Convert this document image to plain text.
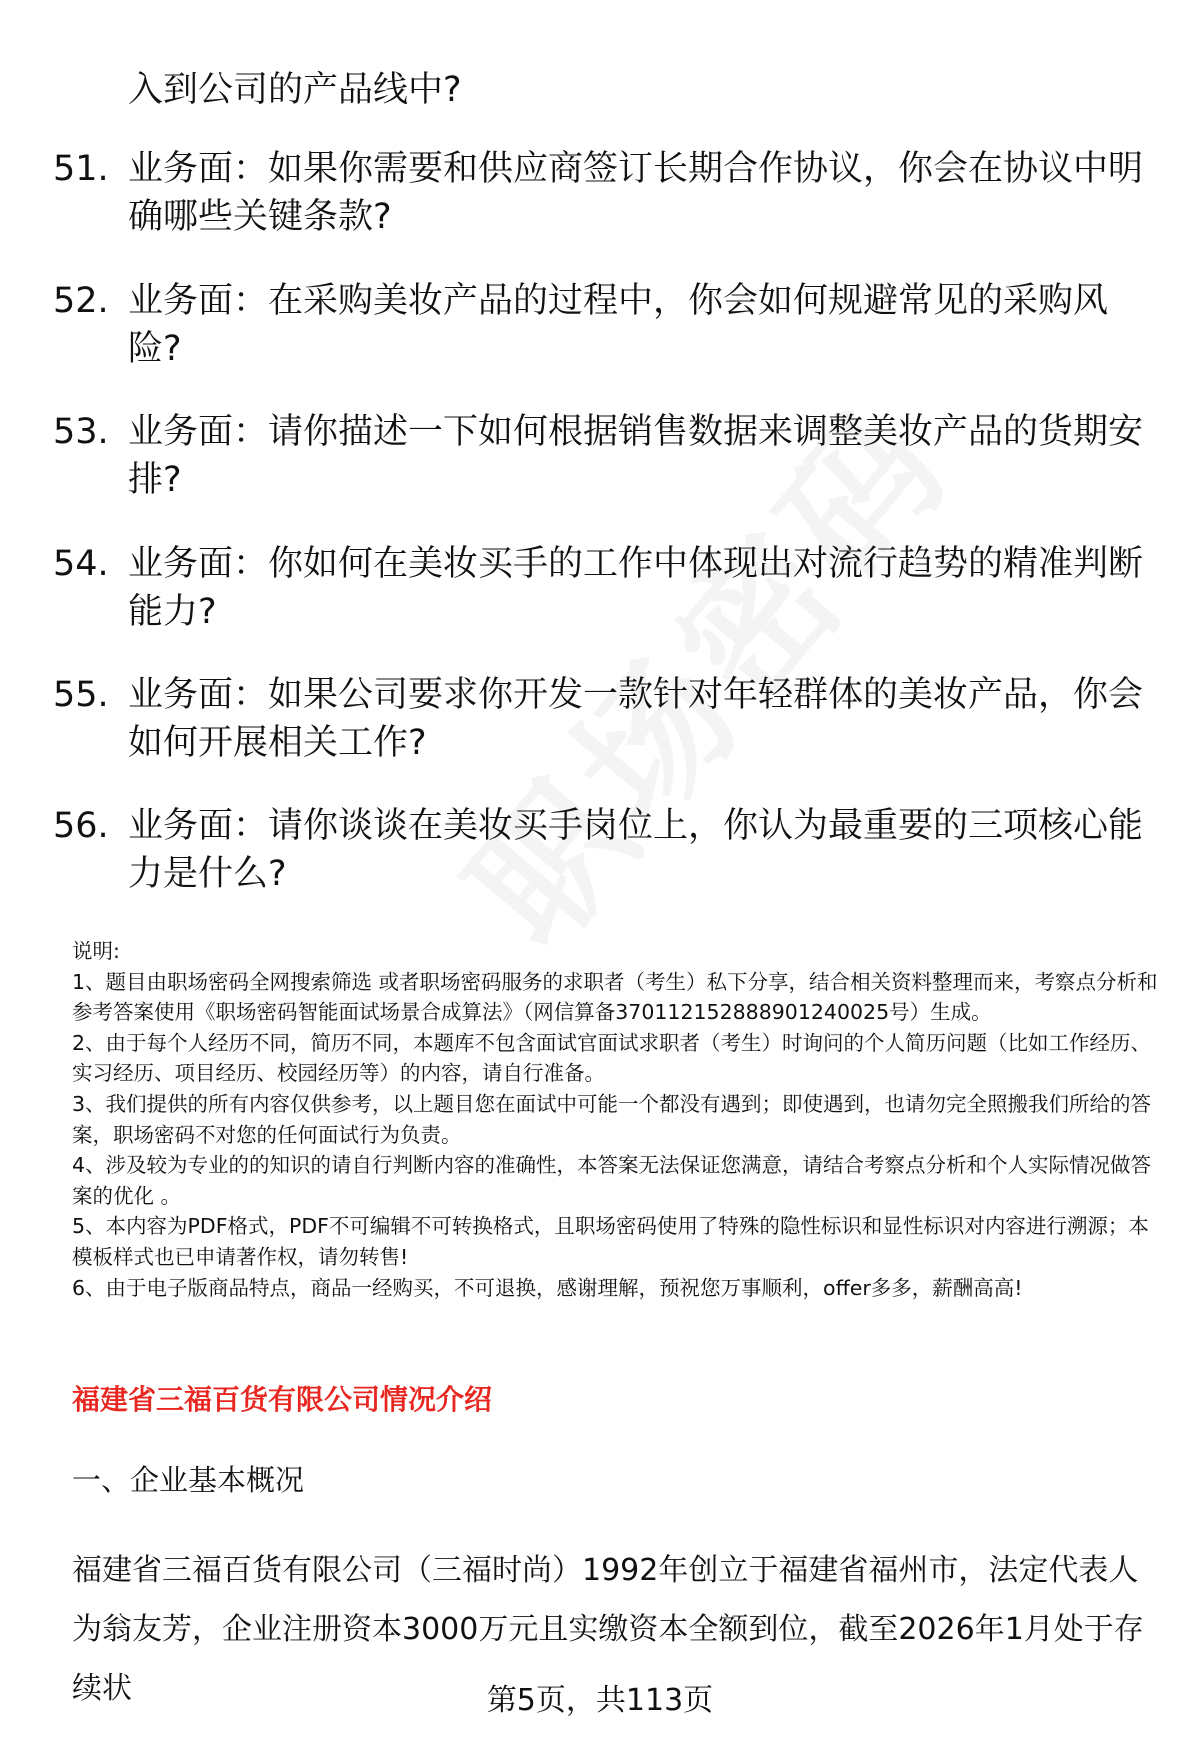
入到公司的产品线中?
51. 业务面：如果你需要和供应商签订长期合作协议，你会在协议中明确哪些关键条款?
52. 业务面：在采购美妆产品的过程中，你会如何规避常见的采购风险?
53. 业务面：请你描述一下如何根据销售数据来调整美妆产品的货期安排?
54. 业务面：你如何在美妆买手的工作中体现出对流行趋势的精准判断能力?
55. 业务面：如果公司要求你开发一款针对年轻群体的美妆产品，你会如何开展相关工作?
56. 业务面：请你谈谈在美妆买手岗位上，你认为最重要的三项核心能力是什么?
说明:
1、题目由职场密码全网搜索筛选 或者职场密码服务的求职者（考生）私下分享，结合相关资料整理而来，考察点分析和参考答案使用《职场密码智能面试场景合成算法》（网信算备370112152888901240025号）生成。
2、由于每个人经历不同，简历不同，本题库不包含面试官面试求职者（考生）时询问的个人简历问题（比如工作经历、实习经历、项目经历、校园经历等）的内容，请自行准备。
3、我们提供的所有内容仅供参考，以上题目您在面试中可能一个都没有遇到；即使遇到，也请勿完全照搬我们所给的答案，职场密码不对您的任何面试行为负责。
4、涉及较为专业的的知识的请自行判断内容的准确性，本答案无法保证您满意，请结合考察点分析和个人实际情况做答案的优化 。
5、本内容为PDF格式，PDF不可编辑不可转换格式，且职场密码使用了特殊的隐性标识和显性标识对内容进行溯源；本模板样式也已申请著作权，请勿转售!
6、由于电子版商品特点，商品一经购买，不可退换，感谢理解，预祝您万事顺利，offer多多，薪酬高高!
福建省三福百货有限公司情况介绍
一、企业基本概况
福建省三福百货有限公司（三福时尚）1992年创立于福建省福州市，法定代表人为翁友芳，企业注册资本3000万元且实缴资本全额到位，截至2026年1月处于存续状	第5页，共113页
